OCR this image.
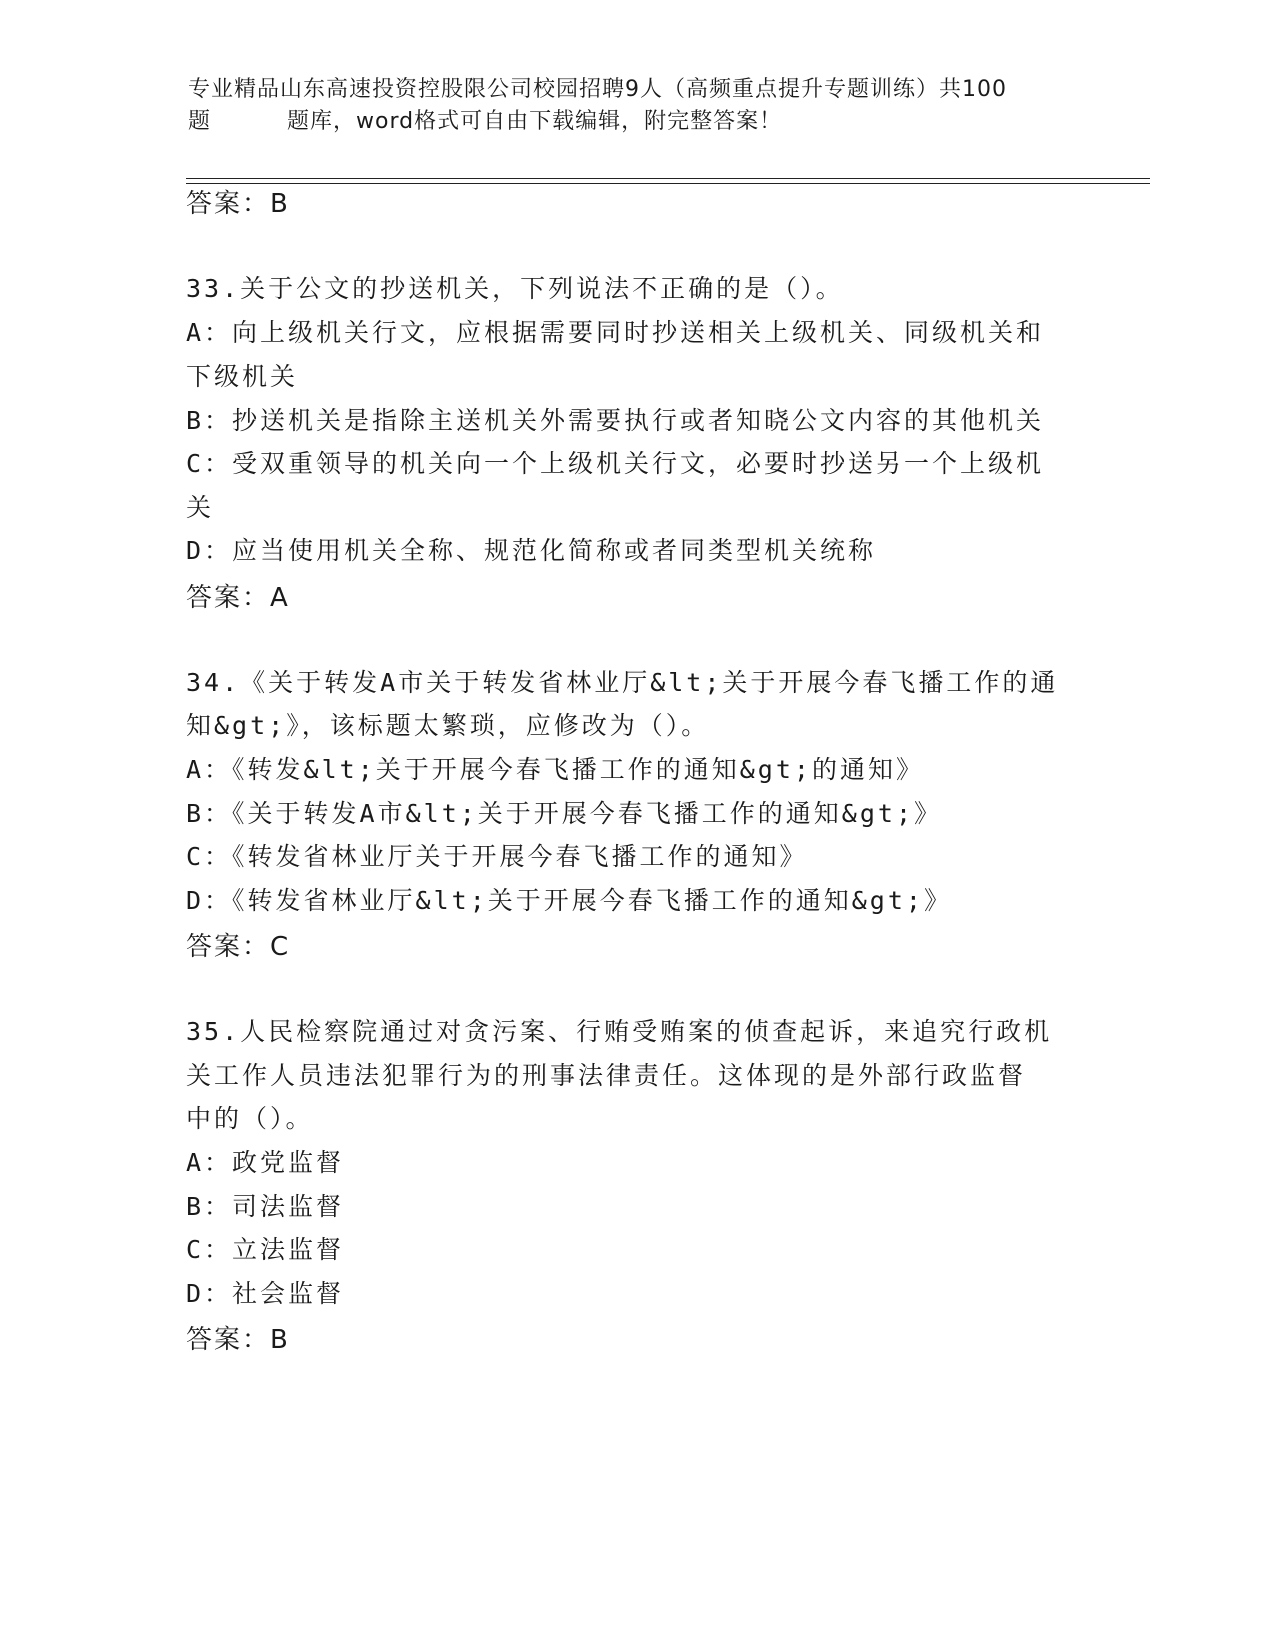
专业精品山东高速投资控股限公司校园招聘9人（高频重点提升专题训练）共100
题	题库，word格式可自由下载编辑，附完整答案！
答案：B
33.关于公文的抄送机关，下列说法不正确的是（）。
A：向上级机关行文，应根据需要同时抄送相关上级机关、同级机关和
下级机关
B：抄送机关是指除主送机关外需要执行或者知晓公文内容的其他机关
C：受双重领导的机关向一个上级机关行文，必要时抄送另一个上级机
关
D：应当使用机关全称、规范化简称或者同类型机关统称
答案：A
34.《关于转发A市关于转发省林业厅&lt;关于开展今春飞播工作的通
知&gt;》，该标题太繁琐，应修改为（）。
A：《转发&lt;关于开展今春飞播工作的通知&gt;的通知》
B：《关于转发A市&lt;关于开展今春飞播工作的通知&gt;》
C：《转发省林业厅关于开展今春飞播工作的通知》
D：《转发省林业厅&lt;关于开展今春飞播工作的通知&gt;》
答案：C
35.人民检察院通过对贪污案、行贿受贿案的侦查起诉，来追究行政机
关工作人员违法犯罪行为的刑事法律责任。这体现的是外部行政监督
中的（）。
A：政党监督
B：司法监督
C：立法监督
D：社会监督
答案：B
